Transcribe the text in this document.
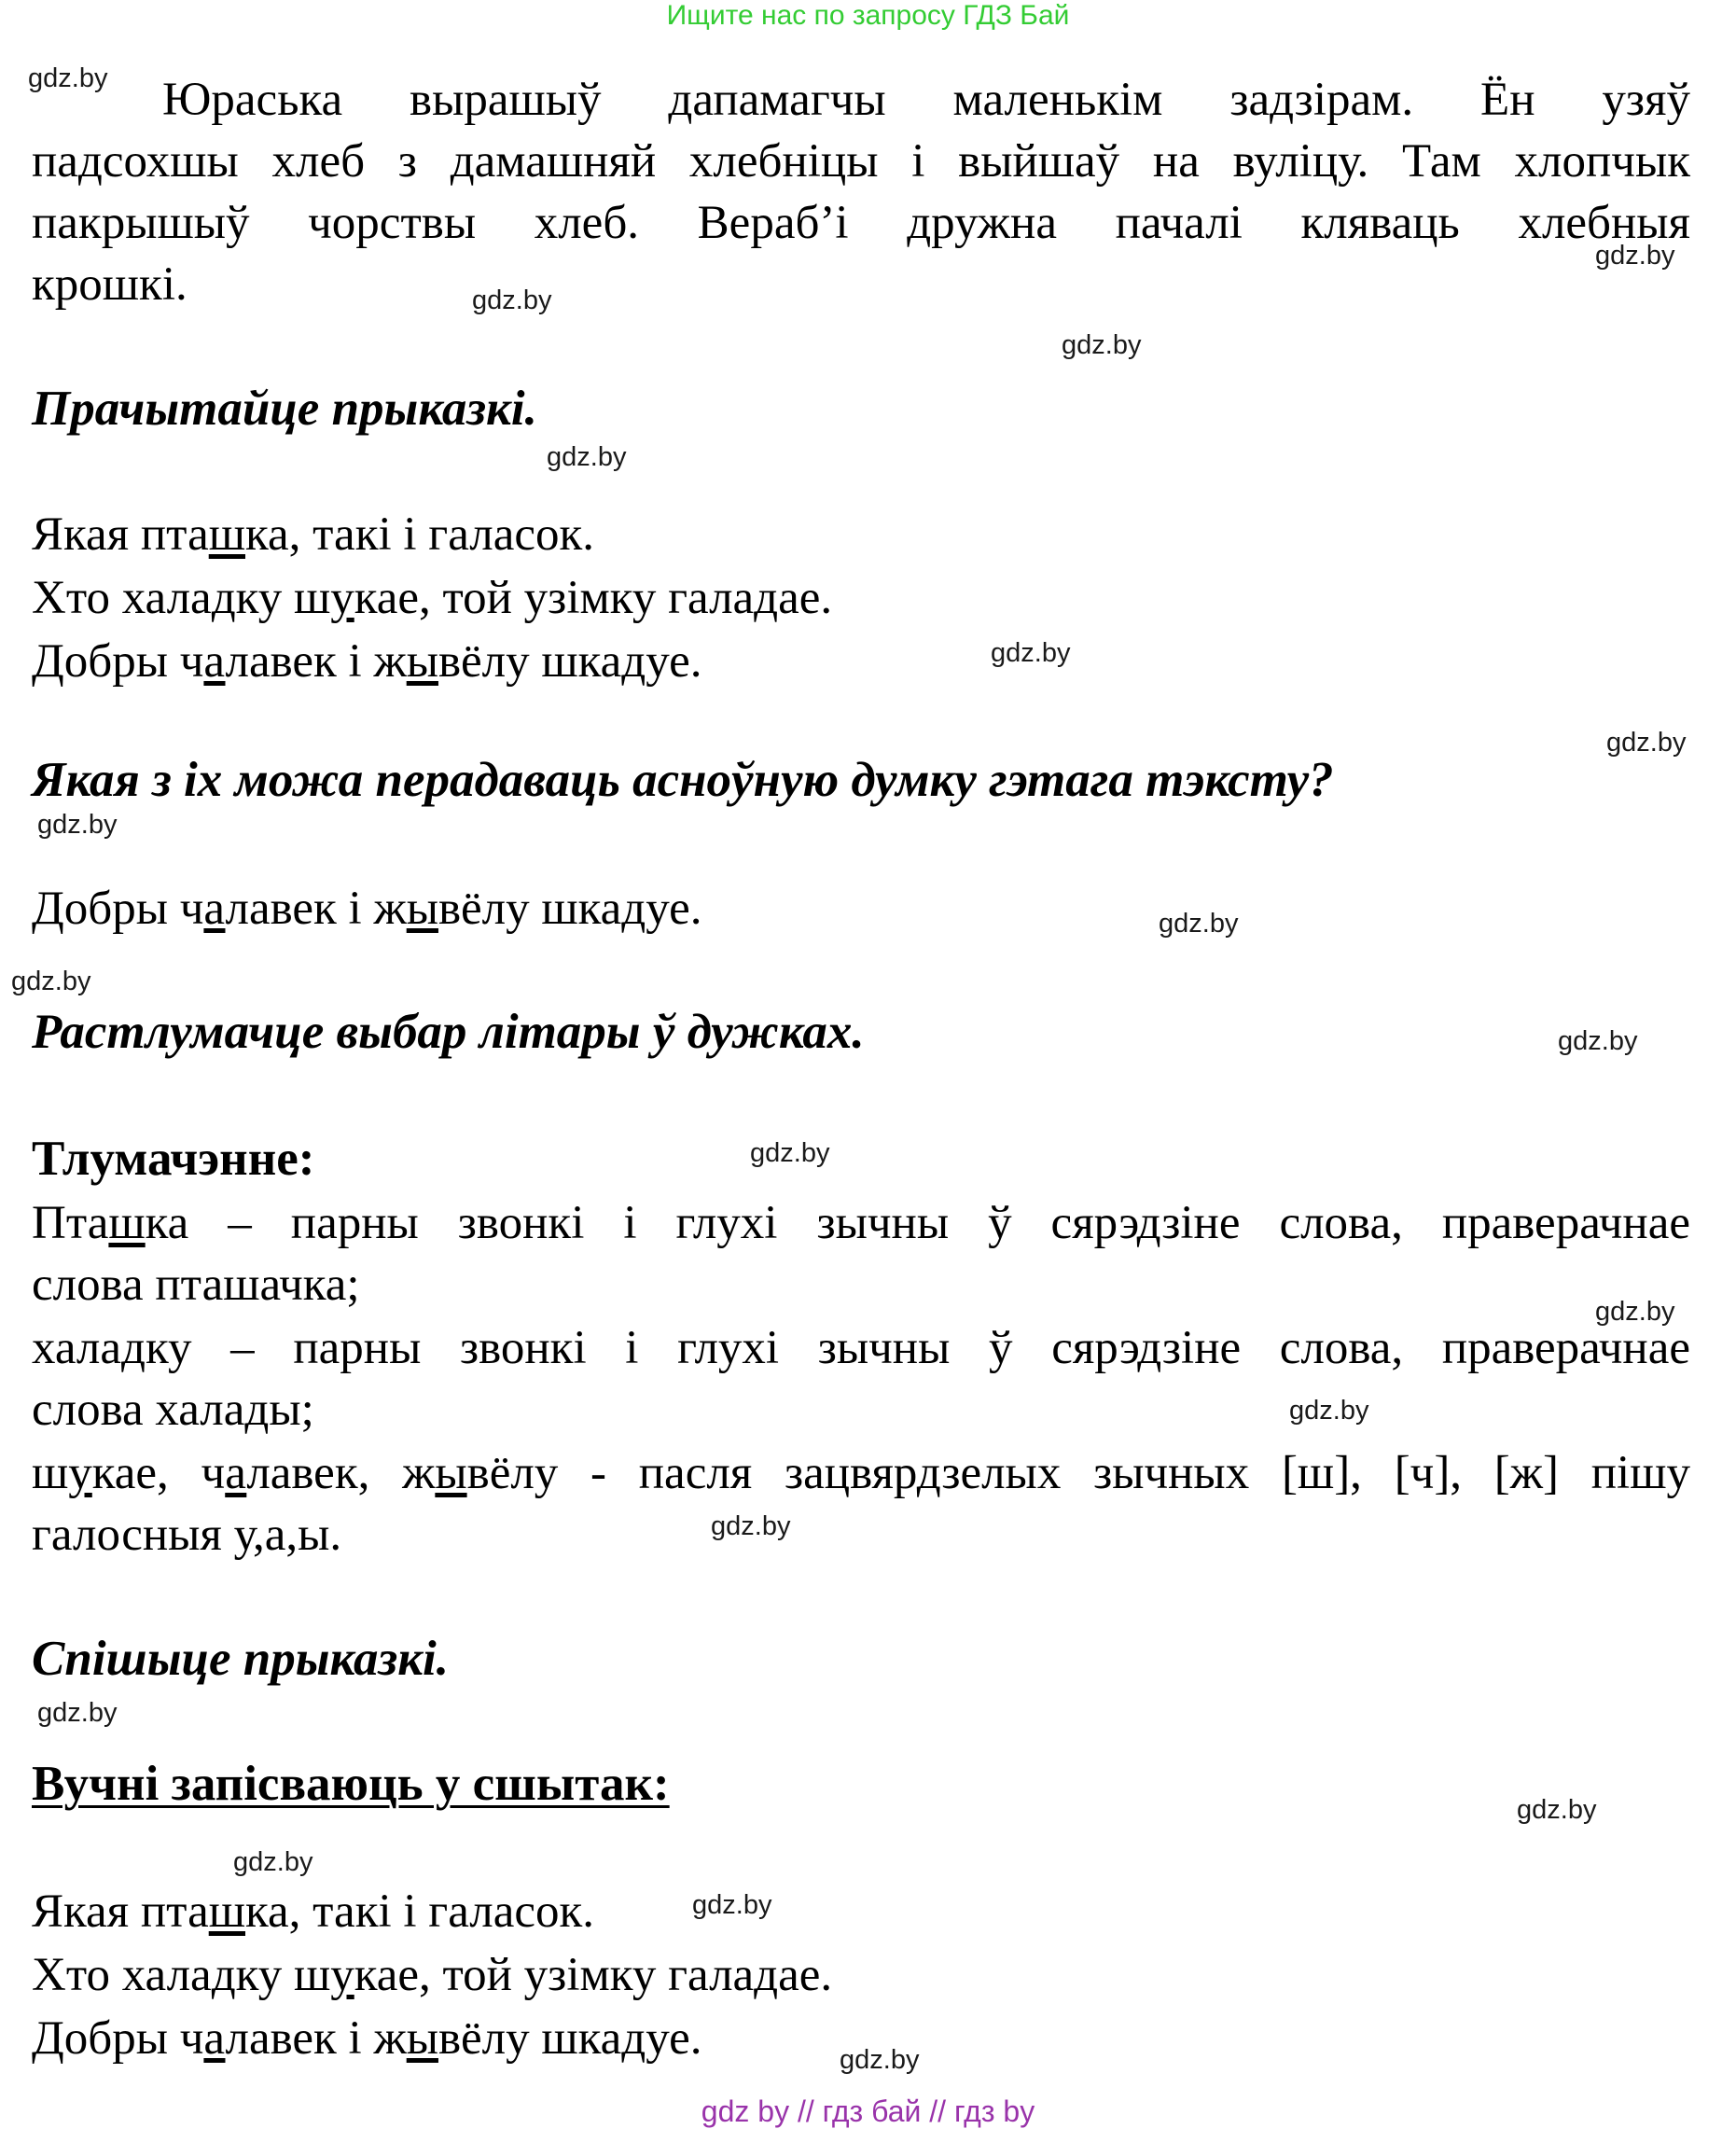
Ищите нас по запросу ГДЗ Бай
Юраська вырашыў дапамагчы маленькім задзірам. Ён узяў
падсохшы хлеб з дамашняй хлебніцы і выйшаў на вуліцу. Там хлопчык
пакрышыў чорствы хлеб. Вераб’і дружна пачалі кляваць хлебныя
крошкі.
Прачытайце прыказкі.
Якая пташка, такі і галасок.
Хто халадку шукае, той узімку галадае.
Добры чалавек і жывёлу шкадуе.
Якая з іх можа перадаваць асноўную думку гэтага тэксту?
Добры чалавек і жывёлу шкадуе.
Растлумачце выбар літары ў дужках.
Тлумачэнне:
Пташка – парны звонкі і глухі зычны ў сярэдзіне слова, праверачнае
слова пташачка;
халадку – парны звонкі і глухі зычны ў сярэдзіне слова, праверачнае
слова халады;
шукае, чалавек, жывёлу - пасля зацвярдзелых зычных [ш], [ч], [ж] пішу
галосныя у,а,ы.
Спішыце прыказкі.
Вучні запісваюць у сшытак:
Якая пташка, такі і галасок.
Хто халадку шукае, той узімку галадае.
Добры чалавек і жывёлу шкадуе.
gdz.by
gdz.by
gdz.by
gdz.by
gdz.by
gdz.by
gdz.by
gdz.by
gdz.by
gdz.by
gdz.by
gdz.by
gdz.by
gdz.by
gdz.by
gdz.by
gdz.by
gdz.by
gdz.by
gdz.by
gdz by // гдз бай // гдз by
